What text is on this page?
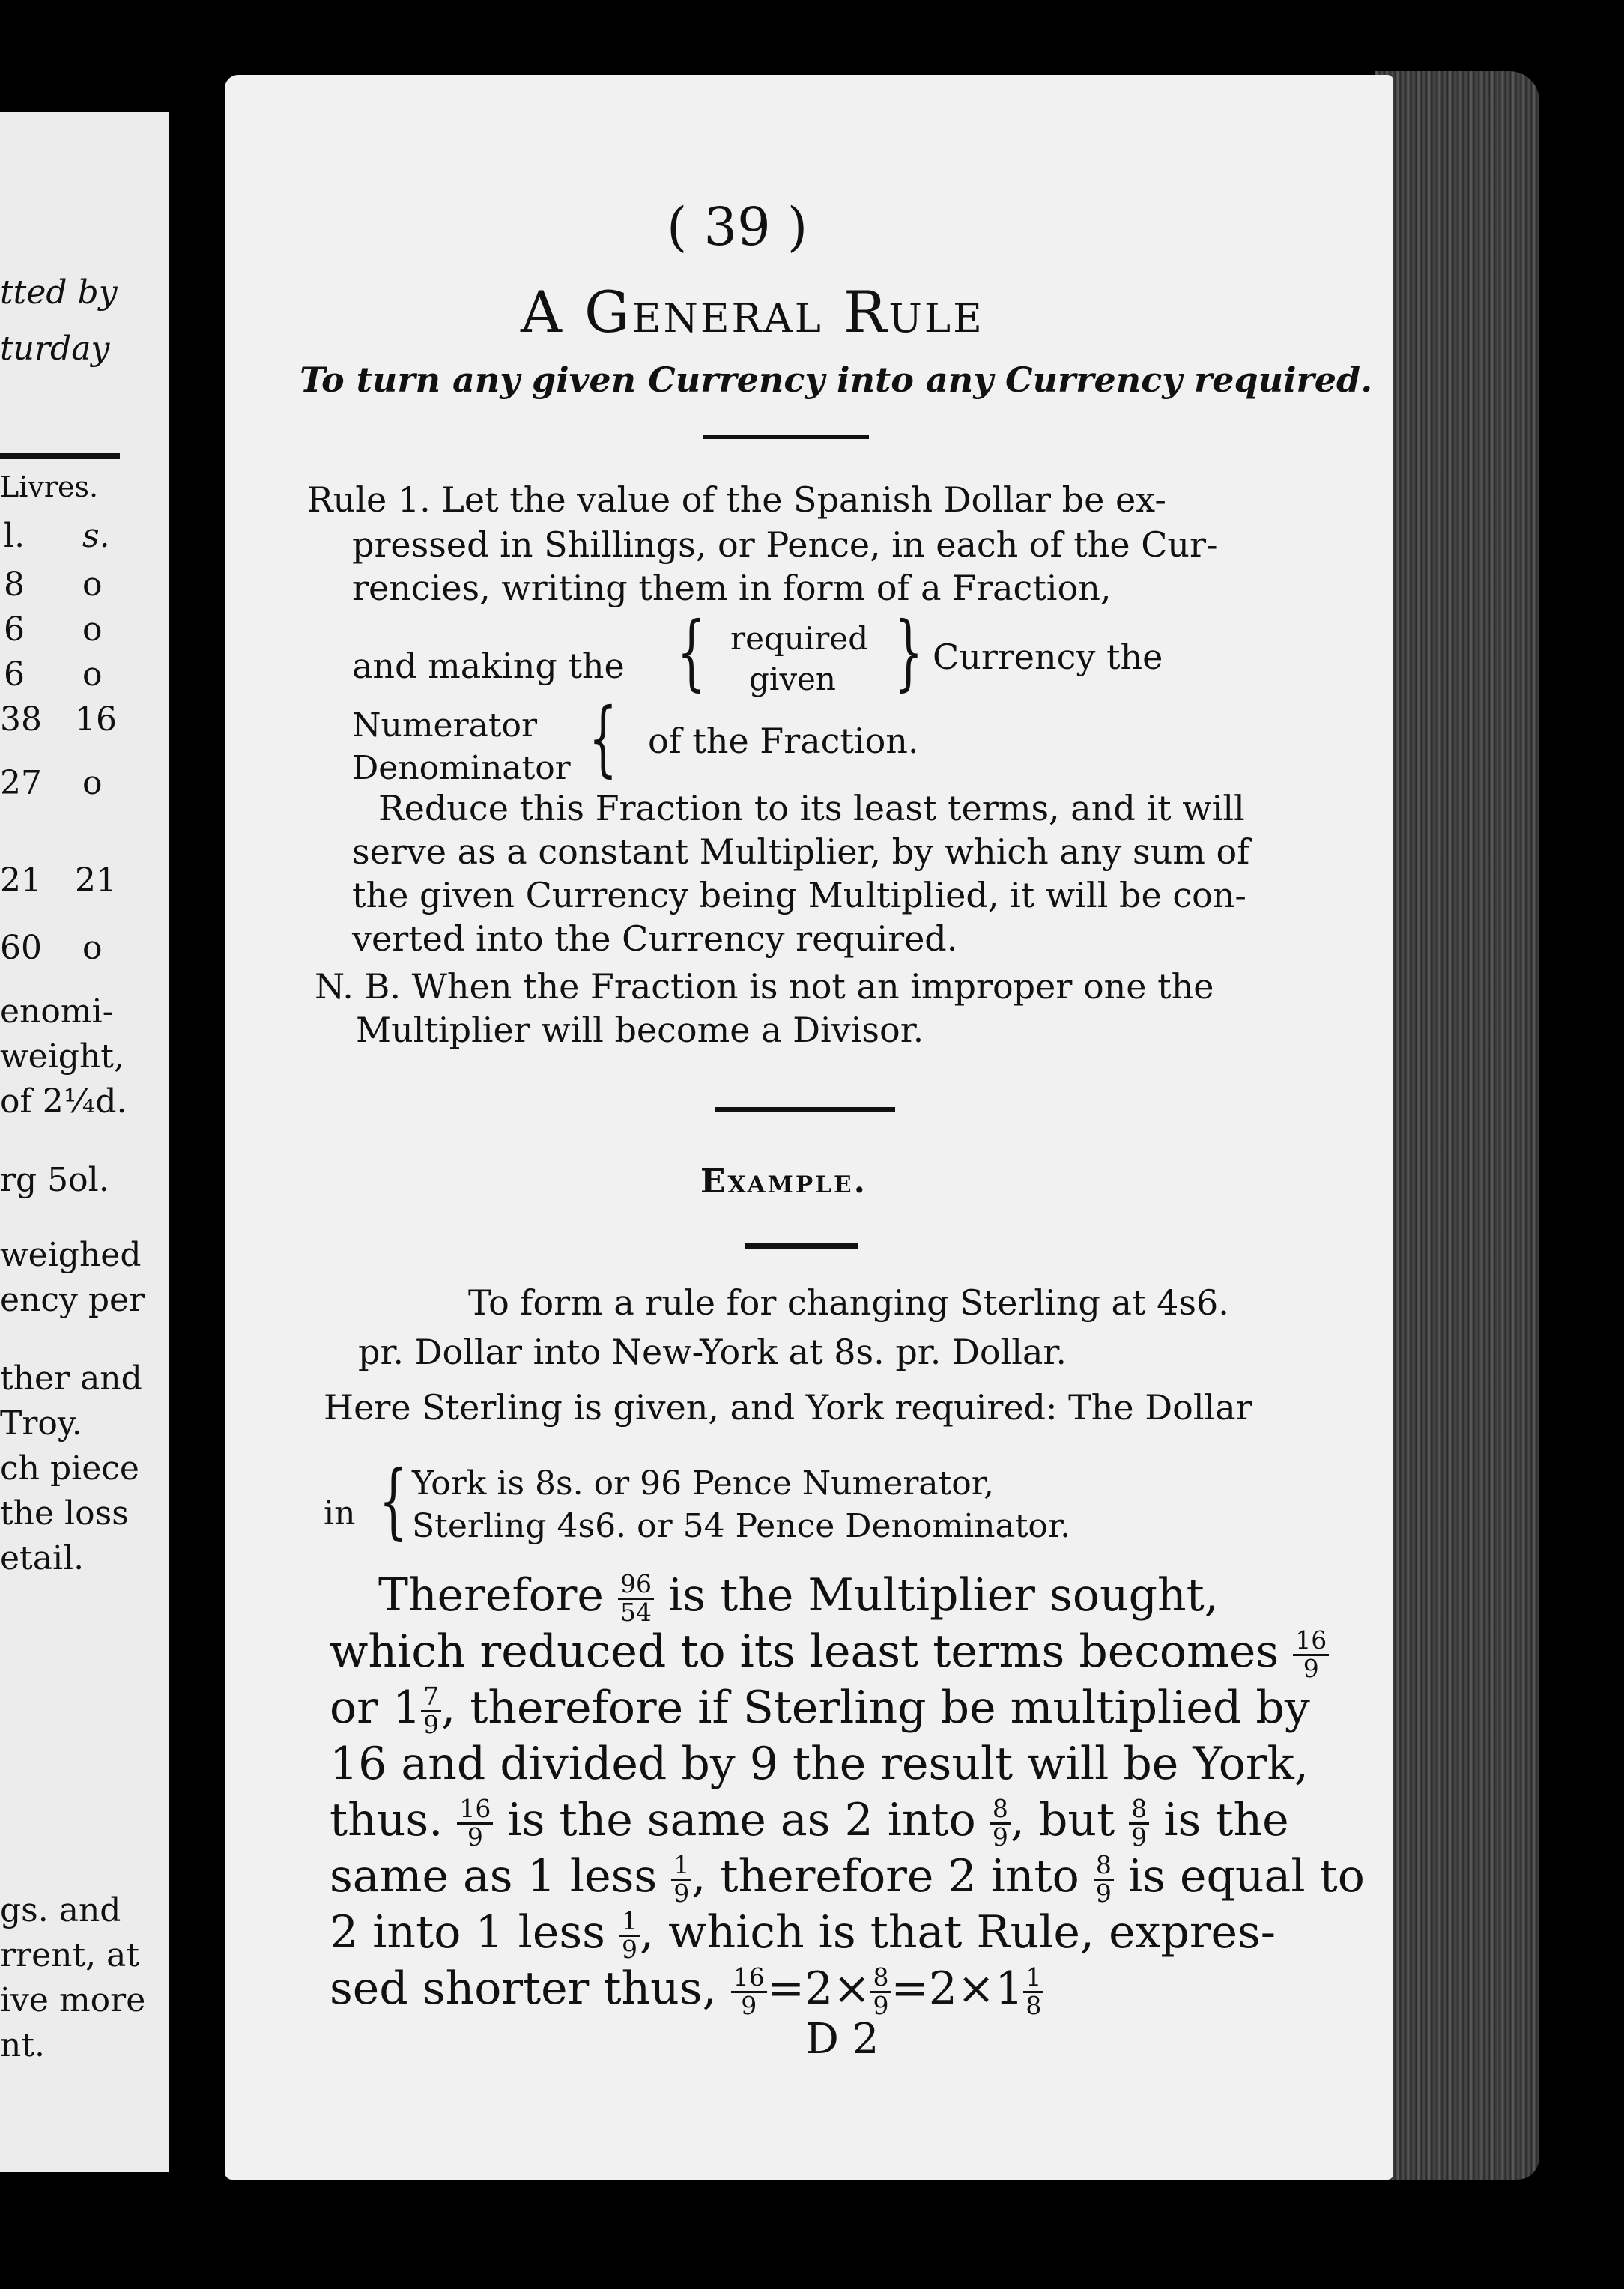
tted by
turday
Livres.
l. s.
8 o
6 o
6 o
38 16
27 o
21 21
60 o
enomi-
weight,
of 2¼d.
rg 5ol.
weighed
ency per
ther and
Troy.
ch piece
the loss
etail.
gs. and
rrent, at
ive more
nt.
( 39 )
A General Rule
To turn any given Currency into any Currency required.
Rule 1. Let the value of the Spanish Dollar be ex-
pressed in Shillings, or Pence, in each of the Cur-
rencies, writing them in form of a Fraction,
and making the { required
given } Currency the
Numerator
Denominator { of the Fraction.
Reduce this Fraction to its least terms, and it will
serve as a constant Multiplier, by which any sum of
the given Currency being Multiplied, it will be con-
verted into the Currency required.
N. B. When the Fraction is not an improper one the
Multiplier will become a Divisor.
Example.
To form a rule for changing Sterling at 4s6.
pr. Dollar into New-York at 8s. pr. Dollar.
Here Sterling is given, and York required: The Dollar
in { York is 8s. or 96 Pence Numerator,
Sterling 4s6. or 54 Pence Denominator.
Therefore $\frac{96}{54}$ is the Multiplier sought,
which reduced to its least terms becomes $\frac{16}{9}$
or $1 \frac{7}{9}$ , therefore if Sterling be multiplied by
16 and divided by 9 the result will be York,
thus. $\frac{16}{9}$ is the same as 2 into $\frac{8}{9}$ , but $\frac{8}{9}$ is the
same as 1 less $\frac{1}{9}$ , therefore 2 into $\frac{8}{9}$ is equal to
2 into 1 less $\frac{1}{9}$ , which is that Rule, expres-
sed shorter thus, $\frac{16}{9} =2\times \frac{8}{9} =2\times 1 \frac{1}{8}$
D 2
